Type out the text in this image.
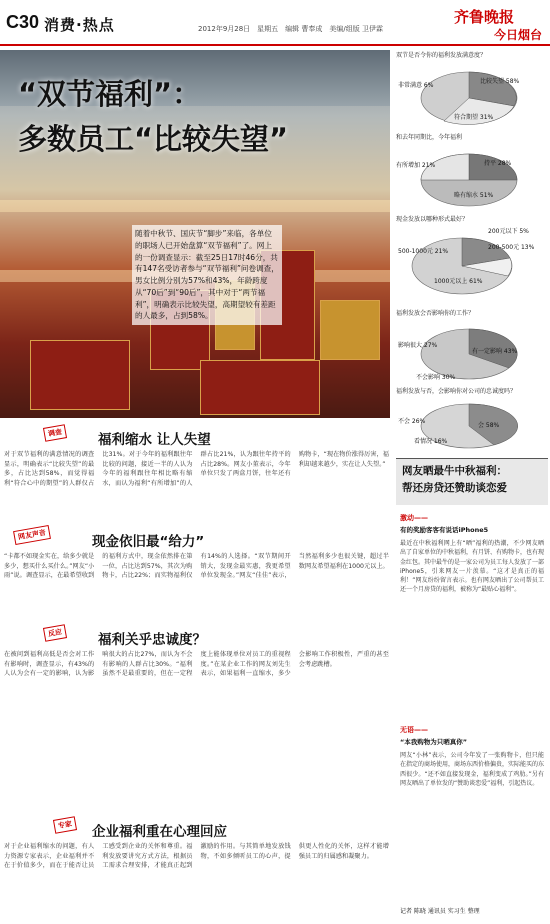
C30 消费·热点	2012年9月28日　星期五　编辑 曹奉成　美编/组版 卫伊霖
齐鲁晚报
今日烟台
“双节福利”：
多数员工“比较失望”
随着中秋节、国庆节“脚步”来临，各单位的职场人已开始盘算“双节福利”了。网上的一份调查显示：截至25日17时46分，共有147名受访者参与“双节福利”问卷调查，男女比例分别为57%和43%，年龄跨度从“70后”到“90后”，其中对于“两节福利”，明确表示比较失望，高期望较有差距的人最多，占到58%。
调查	福利缩水 让人失望
对于双节福利的满意情况的调查显示，明确表示“比较失望”的最多，占比达到58%，而觉得福利“符合心中的期望”的人群仅占比31%。对于今年的福利跟往年比较的问题，接近一半的人认为今年的福利跟往年相比略有缩水，而认为福利“有所增加”的人群占比21%，认为跟往年持平的占比28%。网友小董表示，今年单位只发了两盒月饼，往年还有购物卡，“现在物价涨得厉害，福利却越来越少，实在让人失望。”
网友声音	现金依旧最“给力”
“卡都不如现金实在，给多少就是多少，想买什么买什么。”网友“小雨”说。调查显示，在最希望收到的福利方式中，现金依然排在第一位，占比达到57%，其次为购物卡，占比22%；而实物福利仅有14%的人选择。“双节期间开销大，发现金最实惠，我更希望单位发现金。”网友“佳佳”表示，当然福利多少也很关键，超过半数网友希望福利在1000元以上。
反应	福利关乎忠诚度？
在被问到福利高低是否会对工作有影响时，调查显示，有43%的人认为会有一定的影响，认为影响很大的占比27%，而认为不会有影响的人群占比30%。“福利虽然不是最重要的，但在一定程度上能体现单位对员工的重视程度。”在某企业工作的网友刘先生表示，如果福利一直缩水，多少会影响工作积极性，严重的甚至会考虑跳槽。
专家	企业福利重在心理回应
对于企业福利缩水的问题，有人力资源专家表示，企业福利并不在于价值多少，而在于能否让员工感受到企业的关怀和尊重。福利发放要讲究方式方法，根据员工需求合理安排，才能真正起到激励的作用。与其简单地发放钱物，不如多倾听员工的心声，提供更人性化的关怀，这样才能增强员工的归属感和凝聚力。
双节是否令你的福利发放满意度？
非常满意 6%
比较失望 58%
符合期望 31%
和去年同期比，今年福利
有所增加 21%
略有缩水 51%
持平 28%
现金发放以哪种形式最好？
200元以下 5%
200-500元 13%
500-1000元 21%
1000元以上 61%
福利发放会否影响你的工作？
影响很大 27%
有一定影响 43%
不会影响 30%
福利发放与否，会影响你对公司的忠诚度吗？
会 58%
不会 26%
看情况 16%
网友晒最牛中秋福利：
帮还房贷还赞助谈恋爱
激动——
有的奖励客客有说话iPhone5
最近在中秋福利网上有“晒”福利的热潮，不少网友晒出了自家单位的中秋福利，有月饼、有购物卡，也有现金红包。其中最牛的是一家公司为员工每人发放了一部iPhone5，引来网友一片羡慕。“这才是真正的福利！”网友纷纷留言表示。也有网友晒出了公司帮员工还一个月房贷的福利，被称为“最贴心福利”。
无语——
“本我购物为只晒真你”
网友“小林”表示，公司今年发了一张购物卡，但只能在指定的商场使用，商场东西价格偏贵，实际能买的东西很少。“还不如直接发现金，福利变成了鸡肋。”另有网友晒出了单位发的“赞助谈恋爱”福利，引起热议。
记者 陈晓 通讯员 实习生 整理
